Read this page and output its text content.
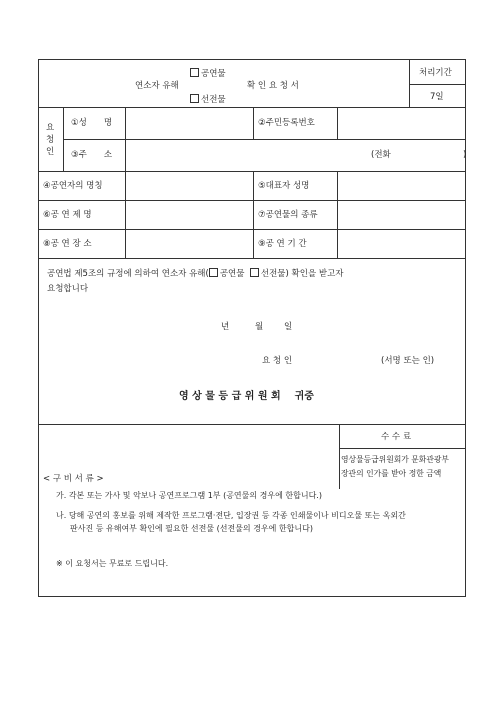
공연물
연소자 유해	확 인 요 청 서
선전물
처리기간
7일
요
청
인
①성　　명	②주민등록번호
③주　　소	(전화	)
④공연자의 명칭	⑤대표자 성명
⑥공 연 제 명	⑦공연물의 종류
⑧공 연 장 소	⑨공 연 기 간
공연법 제5조의 규정에 의하여 연소자 유해( 공연물 선전물) 확인을 받고자
요청합니다
년	월 일
요 청 인	(서명 또는 인)
영 상 물 등 급 위 원 회 귀중
수 수 료
영상물등급위원회가 문화관광부
장관의 인가를 받아 정한 금액
< 구 비 서 류 >
가. 각본 또는 가사 및 악보나 공연프로그램 1부 (공연물의 경우에 한합니다.)
나. 당해 공연의 홍보를 위해 제작한 프로그램·전단, 입장권 등 각종 인쇄물이나 비디오물 또는 옥외간
판사진 등 유해여부 확인에 필요한 선전물 (선전물의 경우에 한합니다)
※ 이 요청서는 무료로 드립니다.
